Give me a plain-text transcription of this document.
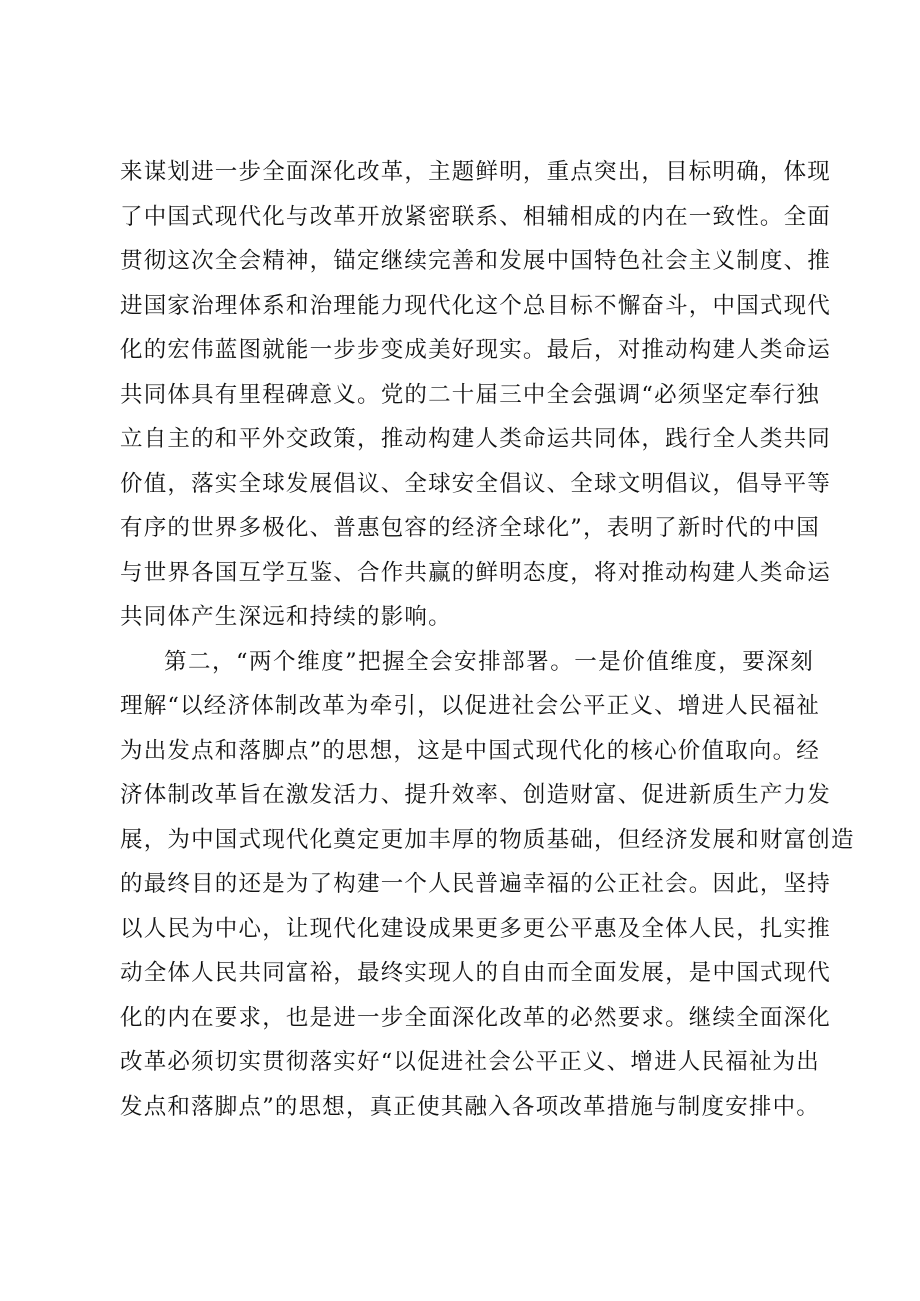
来谋划进一步全面深化改革，主题鲜明，重点突出，目标明确，体现
了中国式现代化与改革开放紧密联系、相辅相成的内在一致性。全面
贯彻这次全会精神，锚定继续完善和发展中国特色社会主义制度、推
进国家治理体系和治理能力现代化这个总目标不懈奋斗，中国式现代
化的宏伟蓝图就能一步步变成美好现实。最后，对推动构建人类命运
共同体具有里程碑意义。党的二十届三中全会强调“必须坚定奉行独
立自主的和平外交政策，推动构建人类命运共同体，践行全人类共同
价值，落实全球发展倡议、全球安全倡议、全球文明倡议，倡导平等
有序的世界多极化、普惠包容的经济全球化”，表明了新时代的中国
与世界各国互学互鉴、合作共赢的鲜明态度，将对推动构建人类命运
共同体产生深远和持续的影响。
第二，“两个维度”把握全会安排部署。一是价值维度，要深刻
理解“以经济体制改革为牵引，以促进社会公平正义、增进人民福祉
为出发点和落脚点”的思想，这是中国式现代化的核心价值取向。经
济体制改革旨在激发活力、提升效率、创造财富、促进新质生产力发
展，为中国式现代化奠定更加丰厚的物质基础，但经济发展和财富创造
的最终目的还是为了构建一个人民普遍幸福的公正社会。因此，坚持
以人民为中心，让现代化建设成果更多更公平惠及全体人民，扎实推
动全体人民共同富裕，最终实现人的自由而全面发展，是中国式现代
化的内在要求，也是进一步全面深化改革的必然要求。继续全面深化
改革必须切实贯彻落实好“以促进社会公平正义、增进人民福祉为出
发点和落脚点”的思想，真正使其融入各项改革措施与制度安排中。
